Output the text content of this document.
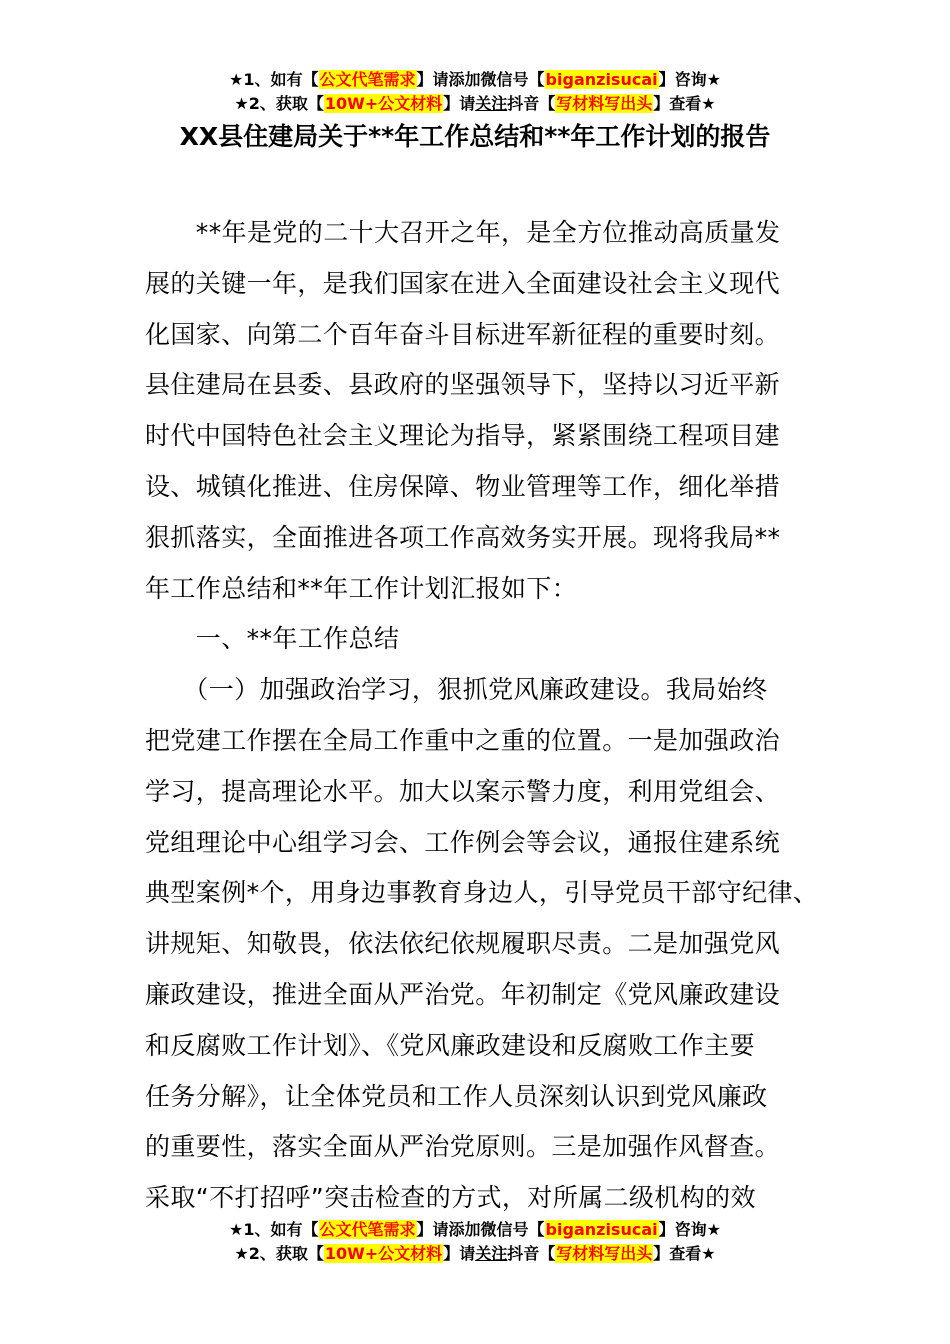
★1、如有【公文代笔需求】请添加微信号【biganzisucai】咨询★
★2、获取【10W+公文材料】请关注抖音【写材料写出头】查看★
XX县住建局关于**年工作总结和**年工作计划的报告
　　**年是党的二十大召开之年，是全方位推动高质量发
展的关键一年，是我们国家在进入全面建设社会主义现代
化国家、向第二个百年奋斗目标进军新征程的重要时刻。
县住建局在县委、县政府的坚强领导下，坚持以习近平新
时代中国特色社会主义理论为指导，紧紧围绕工程项目建
设、城镇化推进、住房保障、物业管理等工作，细化举措
狠抓落实，全面推进各项工作高效务实开展。现将我局**
年工作总结和**年工作计划汇报如下：
　　一、**年工作总结
　　（一）加强政治学习，狠抓党风廉政建设。我局始终
把党建工作摆在全局工作重中之重的位置。一是加强政治
学习，提高理论水平。加大以案示警力度，利用党组会、
党组理论中心组学习会、工作例会等会议，通报住建系统
典型案例*个，用身边事教育身边人，引导党员干部守纪律、
讲规矩、知敬畏，依法依纪依规履职尽责。二是加强党风
廉政建设，推进全面从严治党。年初制定《党风廉政建设
和反腐败工作计划》、《党风廉政建设和反腐败工作主要
任务分解》，让全体党员和工作人员深刻认识到党风廉政
的重要性，落实全面从严治党原则。三是加强作风督查。
采取“不打招呼”突击检查的方式，对所属二级机构的效
★1、如有【公文代笔需求】请添加微信号【biganzisucai】咨询★
★2、获取【10W+公文材料】请关注抖音【写材料写出头】查看★
